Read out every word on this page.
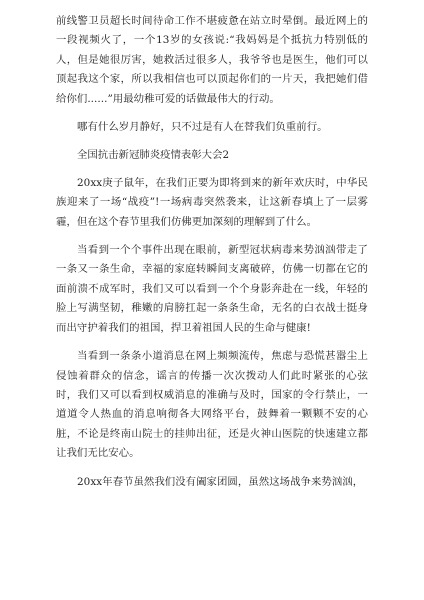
前线警卫员超长时间待命工作不堪疲惫在站立时晕倒。最近网上的一段视频火了，一个13岁的女孩说:“我妈妈是个抵抗力特别低的人，但是她很厉害，她救活过很多人，我爷爷也是医生，他们可以顶起我这个家，所以我相信也可以顶起你们的一片天，我把她们借给你们......”用最幼稚可爱的话做最伟大的行动。

哪有什么岁月静好，只不过是有人在替我们负重前行。

全国抗击新冠肺炎疫情表彰大会2

20xx庚子鼠年，在我们正要为即将到来的新年欢庆时，中华民族迎来了一场“战疫”!一场病毒突然袭来，让这新春填上了一层雾霾，但在这个春节里我们仿佛更加深刻的理解到了什么。

当看到一个个事件出现在眼前，新型冠状病毒来势汹汹带走了一条又一条生命，幸福的家庭转瞬间支离破碎，仿佛一切都在它的面前溃不成军时，我们又可以看到一个个身影奔赴在一线，年轻的脸上写满坚韧，稚嫩的肩膀扛起一条条生命，无名的白衣战士挺身而出守护着我们的祖国，捍卫着祖国人民的生命与健康!

当看到一条条小道消息在网上频频流传，焦虑与恐慌甚嚣尘上侵蚀着群众的信念，谣言的传播一次次拨动人们此时紧张的心弦时，我们又可以看到权威消息的准确与及时，国家的令行禁止，一道道令人热血的消息响彻各大网络平台，鼓舞着一颗颗不安的心脏，不论是终南山院士的挂帅出征，还是火神山医院的快速建立都让我们无比安心。

20xx年春节虽然我们没有阖家团圆，虽然这场战争来势汹汹，
